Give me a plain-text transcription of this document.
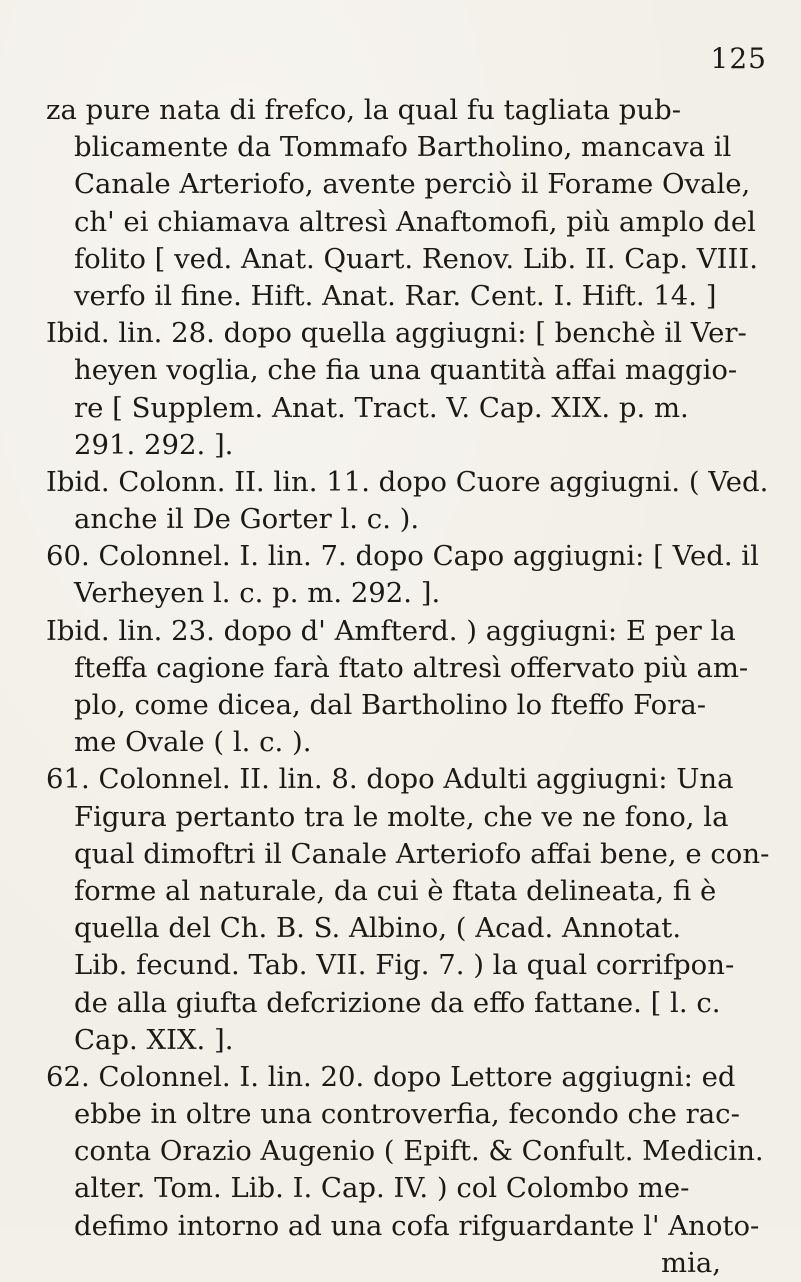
125
za pure nata di frefco, la qual fu tagliata pub-
blicamente da Tommafo Bartholino, mancava il
Canale Arteriofo, avente perciò il Forame Ovale,
ch' ei chiamava altresì Anaftomofi, più amplo del
folito [ ved. Anat. Quart. Renov. Lib. II. Cap. VIII.
verfo il fine. Hift. Anat. Rar. Cent. I. Hift. 14. ]
Ibid. lin. 28. dopo quella aggiugni: [ benchè il Ver-
heyen voglia, che fia una quantità affai maggio-
re [ Supplem. Anat. Tract. V. Cap. XIX. p. m.
291. 292. ].
Ibid. Colonn. II. lin. 11. dopo Cuore aggiugni. ( Ved.
anche il De Gorter l. c. ).
60. Colonnel. I. lin. 7. dopo Capo aggiugni: [ Ved. il
Verheyen l. c. p. m. 292. ].
Ibid. lin. 23. dopo d' Amfterd. ) aggiugni: E per la
fteffa cagione farà ftato altresì offervato più am-
plo, come dicea, dal Bartholino lo fteffo Fora-
me Ovale ( l. c. ).
61. Colonnel. II. lin. 8. dopo Adulti aggiugni: Una
Figura pertanto tra le molte, che ve ne fono, la
qual dimoftri il Canale Arteriofo affai bene, e con-
forme al naturale, da cui è ftata delineata, fi è
quella del Ch. B. S. Albino, ( Acad. Annotat.
Lib. fecund. Tab. VII. Fig. 7. ) la qual corrifpon-
de alla giufta defcrizione da effo fattane. [ l. c.
Cap. XIX. ].
62. Colonnel. I. lin. 20. dopo Lettore aggiugni: ed
ebbe in oltre una controverfia, fecondo che rac-
conta Orazio Augenio ( Epift. & Confult. Medicin.
alter. Tom. Lib. I. Cap. IV. ) col Colombo me-
defimo intorno ad una cofa rifguardante l' Anoto-
mia,
